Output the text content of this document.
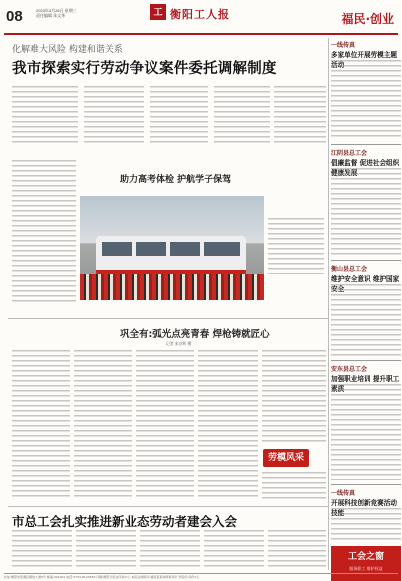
08	2023年4月26日 星期三
责任编辑 朱文华	工 衡阳工人报	福民·创业
化解难大风险 构建和谐关系
我市探索实行劳动争议案件委托调解制度
助力高考体检 护航学子保驾
巩全有:弧光点亮青春 焊枪铸就匠心
记者 朱京辉 摄
劳模风采
市总工会扎实推进新业态劳动者建会入会
一线传真
多家单位开展劳模主题活动
江阴县总工会
倡廉监督 促进社会组织健康发展
衡山县总工会
维护安全意识 维护国家安全
安东县总工会
加强职业培训 提升职工素质
一线传真
开展科技创新竞赛活动技能
工会之窗
服务职工 维护权益
社址:衡阳市蒸湘区解放大道5号 邮编:421001 电话:0734-8123456 印刷:衡阳日报社印务中心 本报法律顾问:湖南某某律师事务所 零售价:每份1元
